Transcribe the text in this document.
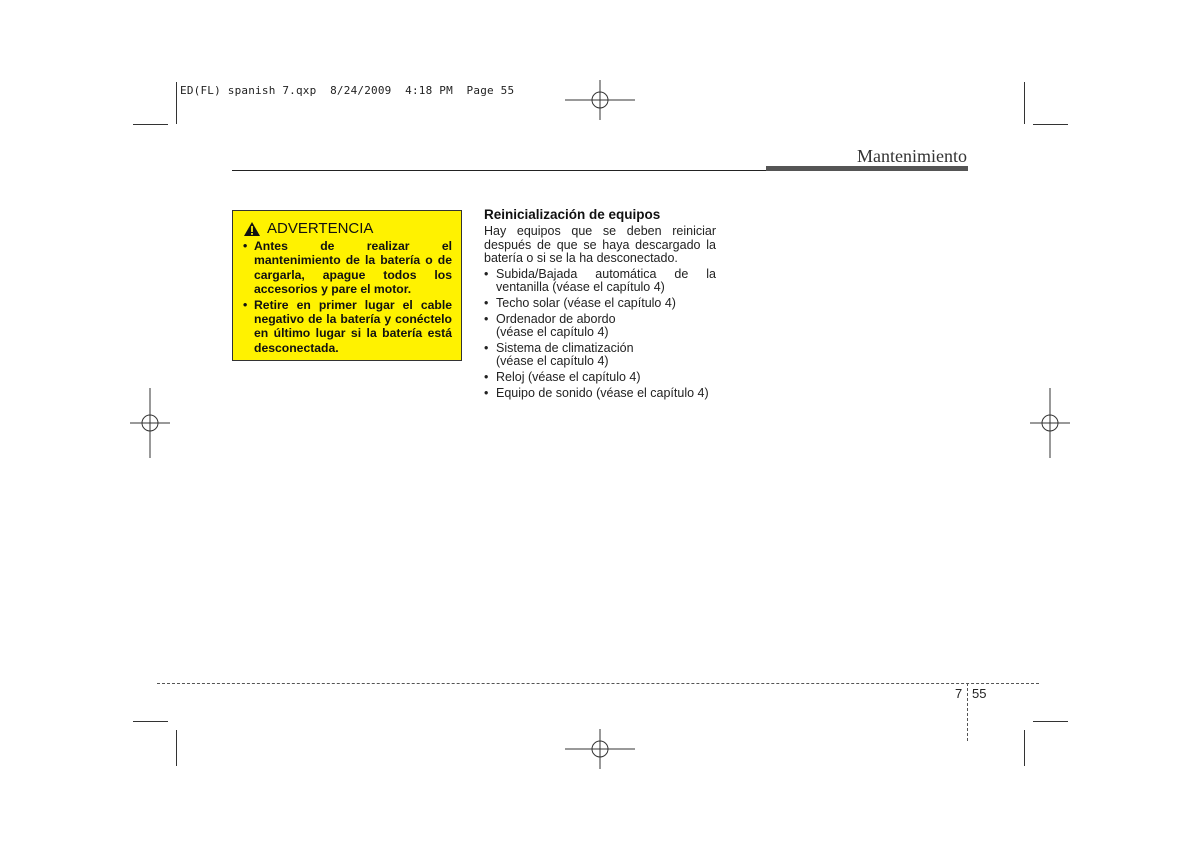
ED(FL) spanish 7.qxp  8/24/2009  4:18 PM  Page 55
Mantenimiento
ADVERTENCIA
• Antes de realizar el mantenimiento de la batería o de cargarla, apague todos los accesorios y pare el motor.
• Retire en primer lugar el cable negativo de la batería y conéctelo en último lugar si la batería está desconectada.
Reinicialización de equipos

Hay equipos que se deben reiniciar después de que se haya descargado la batería o si se la ha desconectado.

• Subida/Bajada automática de la ventanilla (véase el capítulo 4)
• Techo solar (véase el capítulo 4)
• Ordenador de abordo
(véase el capítulo 4)
• Sistema de climatización
(véase el capítulo 4)
• Reloj (véase el capítulo 4)
• Equipo de sonido (véase el capítulo 4)
7 55
